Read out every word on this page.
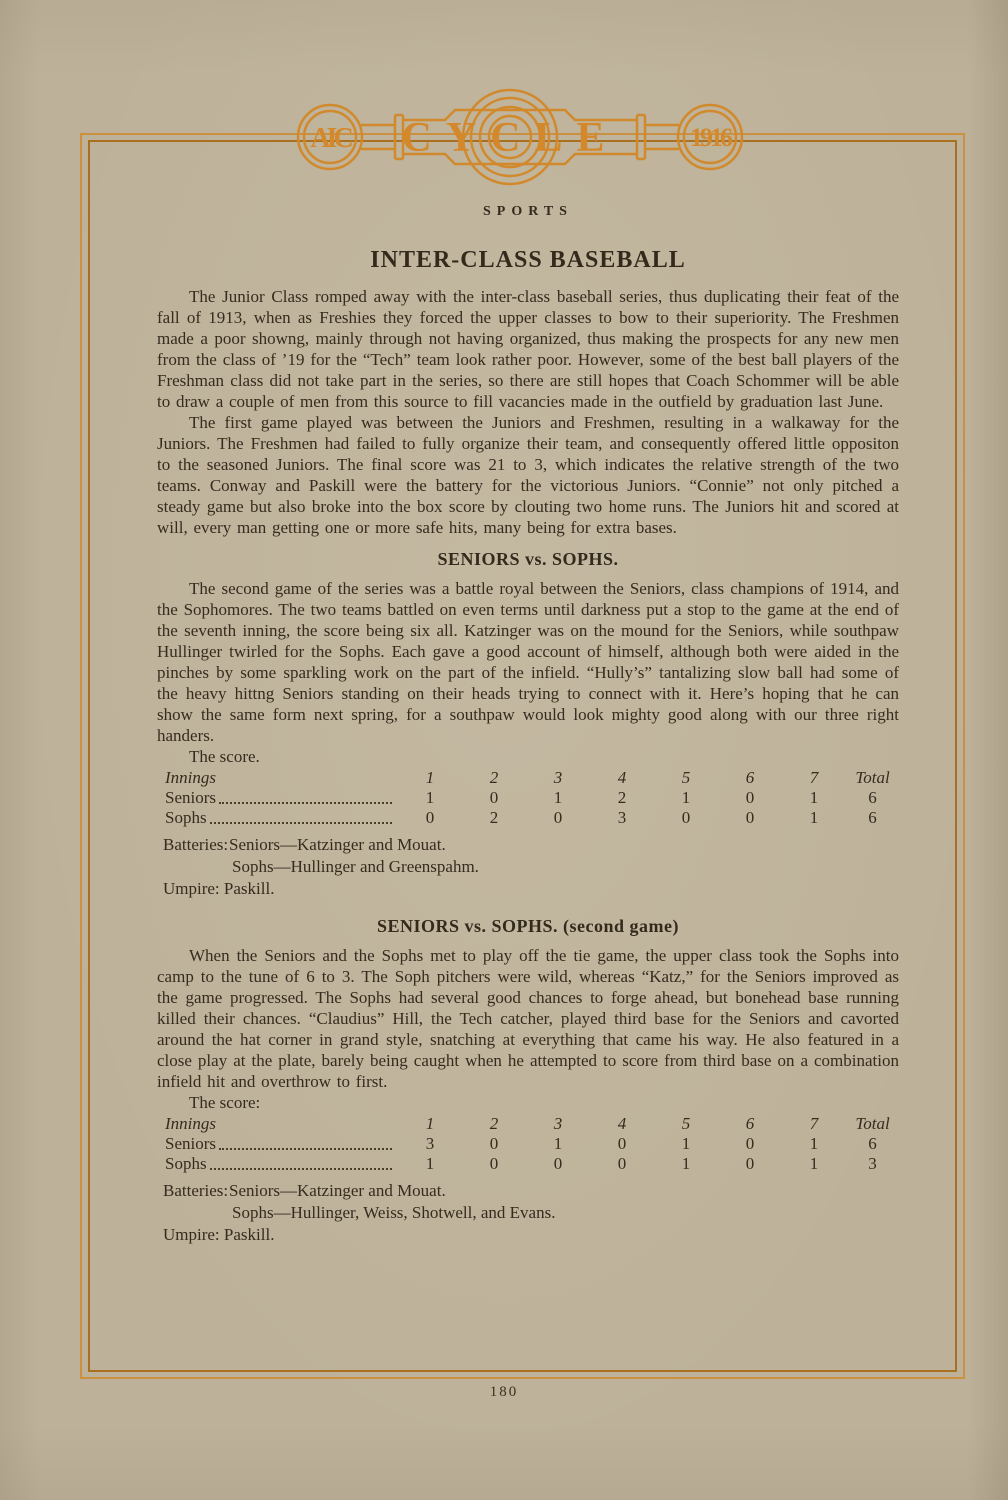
AIC	1916
CYCLE
SPORTS
INTER-CLASS BASEBALL

The Junior Class romped away with the inter-class baseball series, thus duplicating their feat of the fall of 1913, when as Freshies they forced the upper classes to bow to their superiority. The Freshmen made a poor showng, mainly through not having organized, thus making the prospects for any new men from the class of ’19 for the “Tech” team look rather poor. However, some of the best ball players of the Freshman class did not take part in the series, so there are still hopes that Coach Schommer will be able to draw a couple of men from this source to fill vacancies made in the outfield by graduation last June.

The first game played was between the Juniors and Freshmen, resulting in a walkaway for the Juniors. The Freshmen had failed to fully organize their team, and consequently offered little oppositon to the seasoned Juniors. The final score was 21 to 3, which indicates the relative strength of the two teams. Conway and Paskill were the battery for the victorious Juniors. “Connie” not only pitched a steady game but also broke into the box score by clouting two home runs. The Juniors hit and scored at will, every man getting one or more safe hits, many being for extra bases.

SENIORS vs. SOPHS.

The second game of the series was a battle royal between the Seniors, class champions of 1914, and the Sophomores. The two teams battled on even terms until darkness put a stop to the game at the end of the seventh inning, the score being six all. Katzinger was on the mound for the Seniors, while southpaw Hullinger twirled for the Sophs. Each gave a good account of himself, although both were aided in the pinches by some sparkling work on the part of the infield. “Hully’s” tantalizing slow ball had some of the heavy hittng Seniors standing on their heads trying to connect with it. Here’s hoping that he can show the same form next spring, for a southpaw would look mighty good along with our three right handers.

The score.

Innings	1	2	3	4	5	6	7	Total
Seniors	1	0	1	2	1	0	1	6
Sophs	0	2	0	3	0	0	1	6
Batteries: Seniors—Katzinger and Mouat.
Sophs—Hullinger and Greenspahm.
Umpire: Paskill.
SENIORS vs. SOPHS. (second game)

When the Seniors and the Sophs met to play off the tie game, the upper class took the Sophs into camp to the tune of 6 to 3. The Soph pitchers were wild, whereas “Katz,” for the Seniors improved as the game progressed. The Sophs had several good chances to forge ahead, but bonehead base running killed their chances. “Claudius” Hill, the Tech catcher, played third base for the Seniors and cavorted around the hat corner in grand style, snatching at everything that came his way. He also featured in a close play at the plate, barely being caught when he attempted to score from third base on a combination infield hit and overthrow to first.

The score:

Innings	1	2	3	4	5	6	7	Total
Seniors	3	0	1	0	1	0	1	6
Sophs	1	0	0	0	1	0	1	3
Batteries: Seniors—Katzinger and Mouat.
Sophs—Hullinger, Weiss, Shotwell, and Evans.
Umpire: Paskill.
180
